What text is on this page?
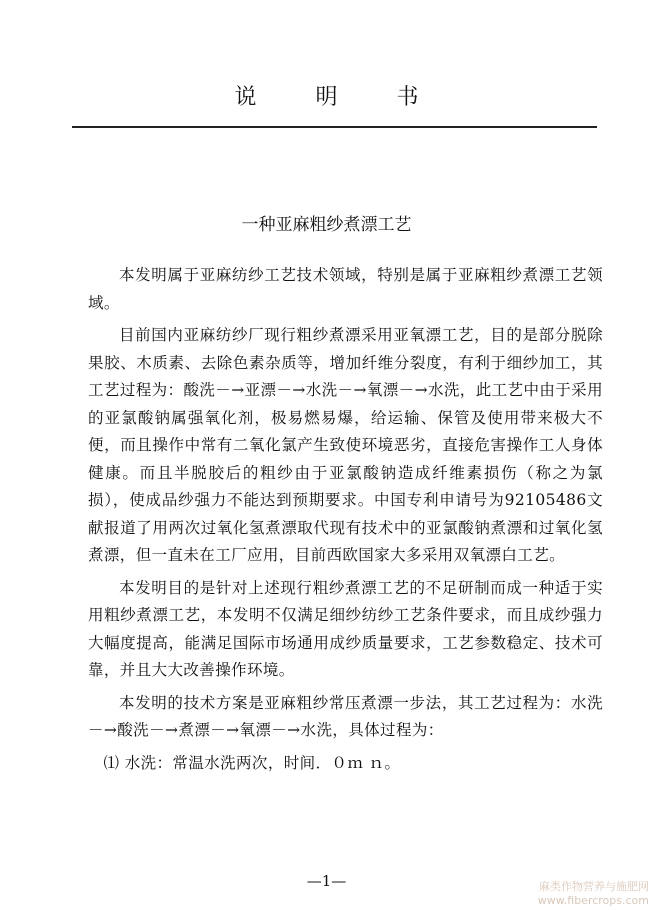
说	明	书
一种亚麻粗纱煮漂工艺

本发明属于亚麻纺纱工艺技术领域，特别是属于亚麻粗纱煮漂工艺领域。

目前国内亚麻纺纱厂现行粗纱煮漂采用亚氧漂工艺，目的是部分脱除果胶、木质素、去除色素杂质等，增加纤维分裂度，有利于细纱加工，其工艺过程为：酸洗－→亚漂－→水洗－→氧漂－→水洗，此工艺中由于采用的亚氯酸钠属强氧化剂，极易燃易爆，给运输、保管及使用带来极大不便，而且操作中常有二氧化氯产生致使环境恶劣，直接危害操作工人身体健康。而且半脱胶后的粗纱由于亚氯酸钠造成纤维素损伤（称之为氯损），使成品纱强力不能达到预期要求。中国专利申请号为92105486文献报道了用两次过氧化氢煮漂取代现有技术中的亚氯酸钠煮漂和过氧化氢煮漂，但一直未在工厂应用，目前西欧国家大多采用双氧漂白工艺。

本发明目的是针对上述现行粗纱煮漂工艺的不足研制而成一种适于实用粗纱煮漂工艺，本发明不仅满足细纱纺纱工艺条件要求，而且成纱强力大幅度提高，能满足国际市场通用成纱质量要求，工艺参数稳定、技术可靠，并且大大改善操作环境。

本发明的技术方案是亚麻粗纱常压煮漂一步法，其工艺过程为：水洗－→酸洗－→煮漂－→氧漂－→水洗，具体过程为：

⑴ 水洗：常温水洗两次，时间．０ｍ ｎ。

—1—	麻类作物营养与施肥网
www.fibercrops.com
